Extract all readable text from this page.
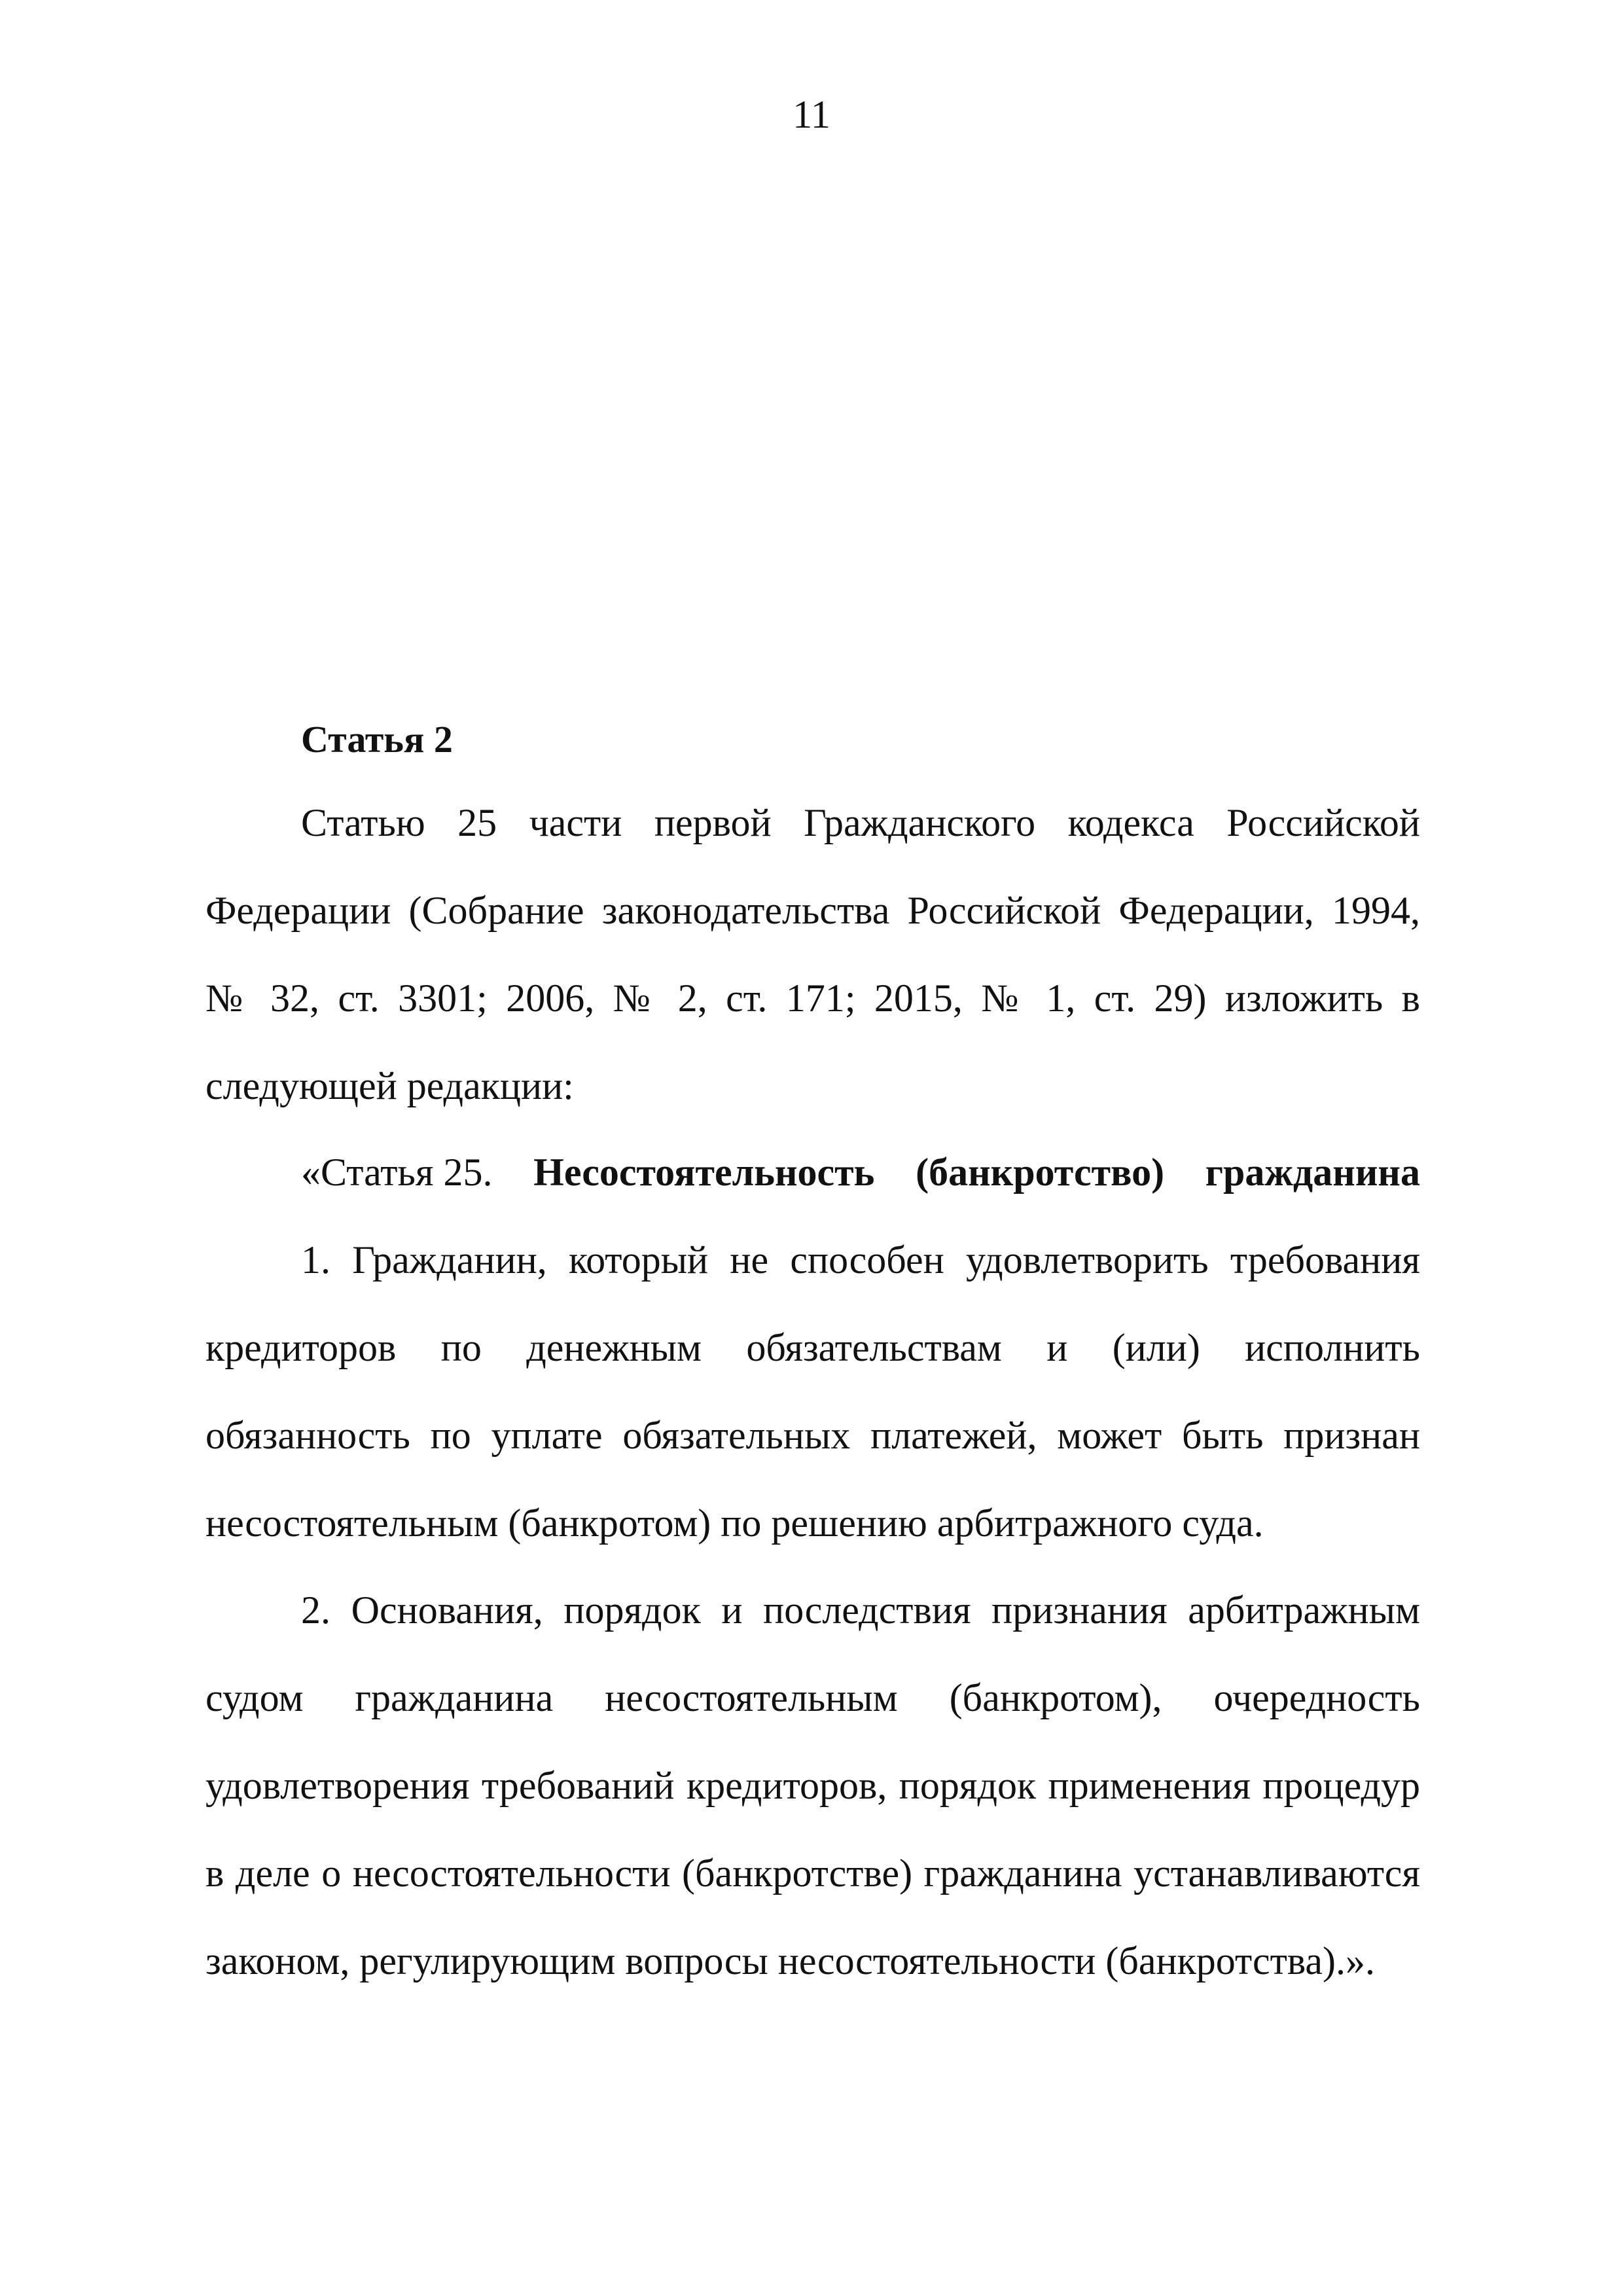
11
Статья 2
Статью 25 части первой Гражданского кодекса Российской Федерации (Собрание законодательства Российской Федерации, 1994, № 32, ст. 3301; 2006, № 2, ст. 171; 2015, № 1, ст. 29) изложить в следующей редакции:
«Статья 25. Несостоятельность (банкротство) гражданина
1. Гражданин, который не способен удовлетворить требования кредиторов по денежным обязательствам и (или) исполнить обязанность по уплате обязательных платежей, может быть признан несостоятельным (банкротом) по решению арбитражного суда.
2. Основания, порядок и последствия признания арбитражным судом гражданина несостоятельным (банкротом), очередность удовлетворения требований кредиторов, порядок применения процедур в деле о несостоятельности (банкротстве) гражданина устанавливаются законом, регулирующим вопросы несостоятельности (банкротства).».
